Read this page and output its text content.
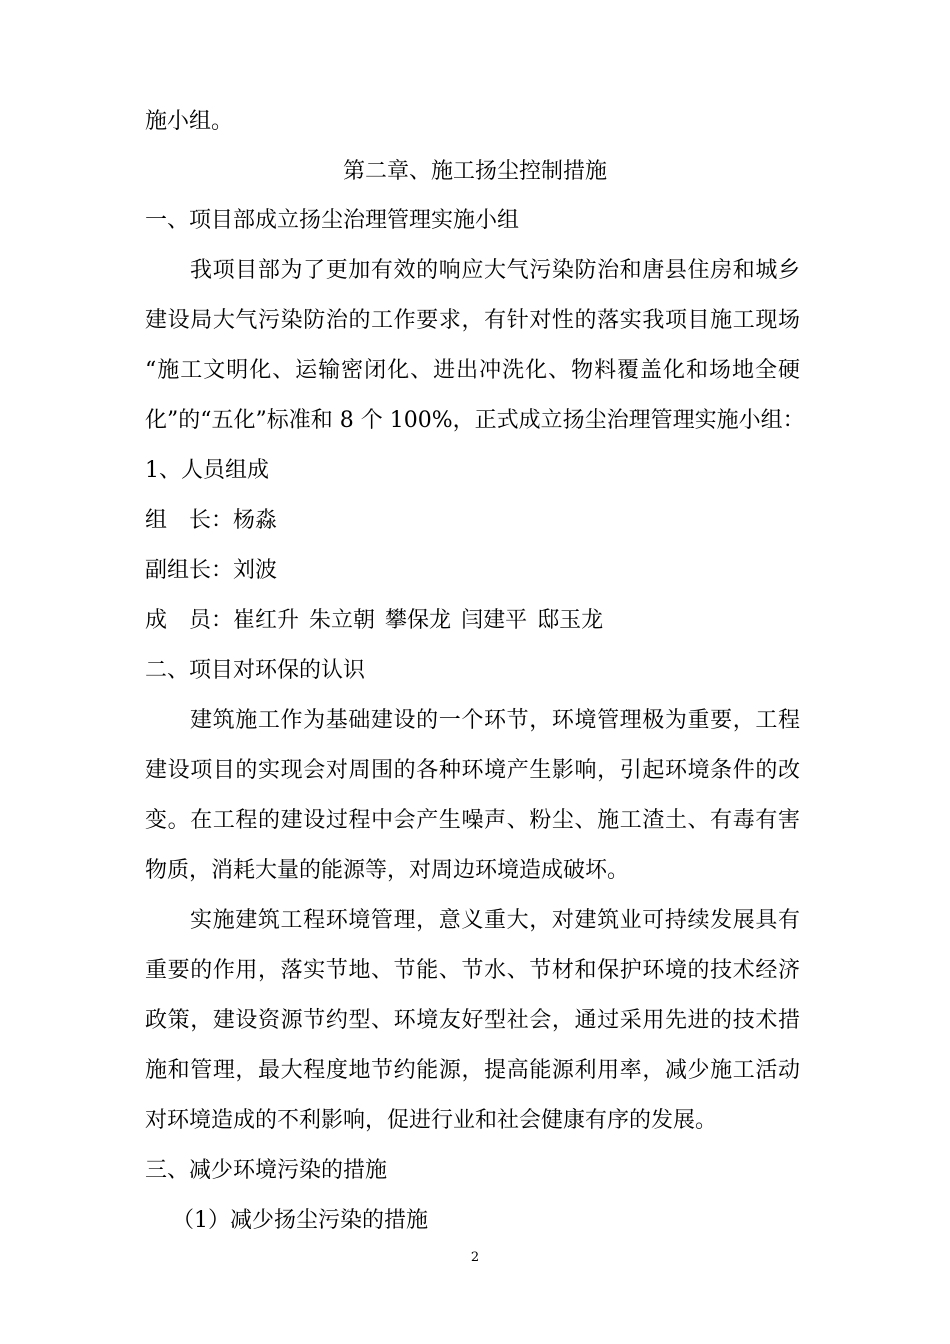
施小组。
第二章、施工扬尘控制措施
一、项目部成立扬尘治理管理实施小组
我项目部为了更加有效的响应大气污染防治和唐县住房和城乡
建设局大气污染防治的工作要求，有针对性的落实我项目施工现场
“施工文明化、运输密闭化、进出冲洗化、物料覆盖化和场地全硬
化”的“五化”标准和 8 个 100%，正式成立扬尘治理管理实施小组：
1、人员组成
组　长：杨淼
副组长：刘波
成　员：崔红升 朱立朝 攀保龙 闫建平 邸玉龙
二、项目对环保的认识
建筑施工作为基础建设的一个环节，环境管理极为重要，工程
建设项目的实现会对周围的各种环境产生影响，引起环境条件的改
变。在工程的建设过程中会产生噪声、粉尘、施工渣土、有毒有害
物质，消耗大量的能源等，对周边环境造成破坏。
实施建筑工程环境管理，意义重大，对建筑业可持续发展具有
重要的作用，落实节地、节能、节水、节材和保护环境的技术经济
政策，建设资源节约型、环境友好型社会，通过采用先进的技术措
施和管理，最大程度地节约能源，提高能源利用率，减少施工活动
对环境造成的不利影响，促进行业和社会健康有序的发展。
三、减少环境污染的措施
（1）减少扬尘污染的措施
2
